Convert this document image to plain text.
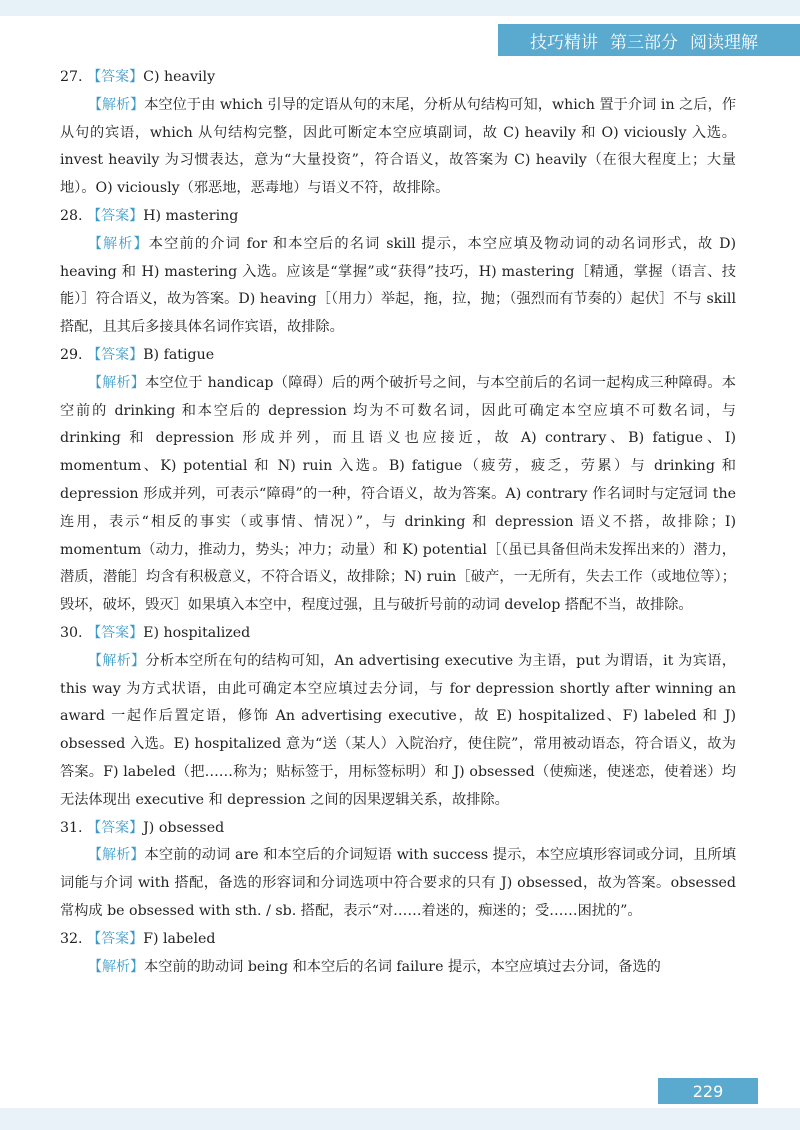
技巧精讲 第三部分 阅读理解

27. 【答案】C) heavily

【解析】本空位于由 which 引导的定语从句的末尾，分析从句结构可知，which 置于介词 in 之后，作从句的宾语，which 从句结构完整，因此可断定本空应填副词，故 C) heavily 和 O) viciously 入选。invest heavily 为习惯表达，意为“大量投资”，符合语义，故答案为 C) heavily（在很大程度上；大量地）。O) viciously（邪恶地，恶毒地）与语义不符，故排除。

28. 【答案】H) mastering

【解析】本空前的介词 for 和本空后的名词 skill 提示，本空应填及物动词的动名词形式，故 D) heaving 和 H) mastering 入选。应该是“掌握”或“获得”技巧，H) mastering［精通，掌握（语言、技能）］符合语义，故为答案。D) heaving［（用力）举起，拖，拉，抛；（强烈而有节奏的）起伏］不与 skill 搭配，且其后多接具体名词作宾语，故排除。

29. 【答案】B) fatigue

【解析】本空位于 handicap（障碍）后的两个破折号之间，与本空前后的名词一起构成三种障碍。本空前的 drinking 和本空后的 depression 均为不可数名词，因此可确定本空应填不可数名词，与 drinking 和 depression 形成并列，而且语义也应接近，故 A) contrary、B) fatigue、I) momentum、K) potential 和 N) ruin 入选。B) fatigue（疲劳，疲乏，劳累）与 drinking 和 depression 形成并列，可表示“障碍”的一种，符合语义，故为答案。A) contrary 作名词时与定冠词 the 连用，表示“相反的事实（或事情、情况）”，与 drinking 和 depression 语义不搭，故排除；I) momentum（动力，推动力，势头；冲力；动量）和 K) potential［（虽已具备但尚未发挥出来的）潜力，潜质，潜能］均含有积极意义，不符合语义，故排除；N) ruin［破产，一无所有，失去工作（或地位等）；毁坏，破坏，毁灭］如果填入本空中，程度过强，且与破折号前的动词 develop 搭配不当，故排除。

30. 【答案】E) hospitalized

【解析】分析本空所在句的结构可知，An advertising executive 为主语，put 为谓语，it 为宾语，this way 为方式状语，由此可确定本空应填过去分词，与 for depression shortly after winning an award 一起作后置定语，修饰 An advertising executive，故 E) hospitalized、F) labeled 和 J) obsessed 入选。E) hospitalized 意为“送（某人）入院治疗，使住院”，常用被动语态，符合语义，故为答案。F) labeled（把……称为；贴标签于，用标签标明）和 J) obsessed（使痴迷，使迷恋，使着迷）均无法体现出 executive 和 depression 之间的因果逻辑关系，故排除。

31. 【答案】J) obsessed

【解析】本空前的动词 are 和本空后的介词短语 with success 提示，本空应填形容词或分词，且所填词能与介词 with 搭配，备选的形容词和分词选项中符合要求的只有 J) obsessed，故为答案。obsessed 常构成 be obsessed with sth. / sb. 搭配，表示“对……着迷的，痴迷的；受……困扰的”。

32. 【答案】F) labeled

【解析】本空前的助动词 being 和本空后的名词 failure 提示，本空应填过去分词，备选的

229
